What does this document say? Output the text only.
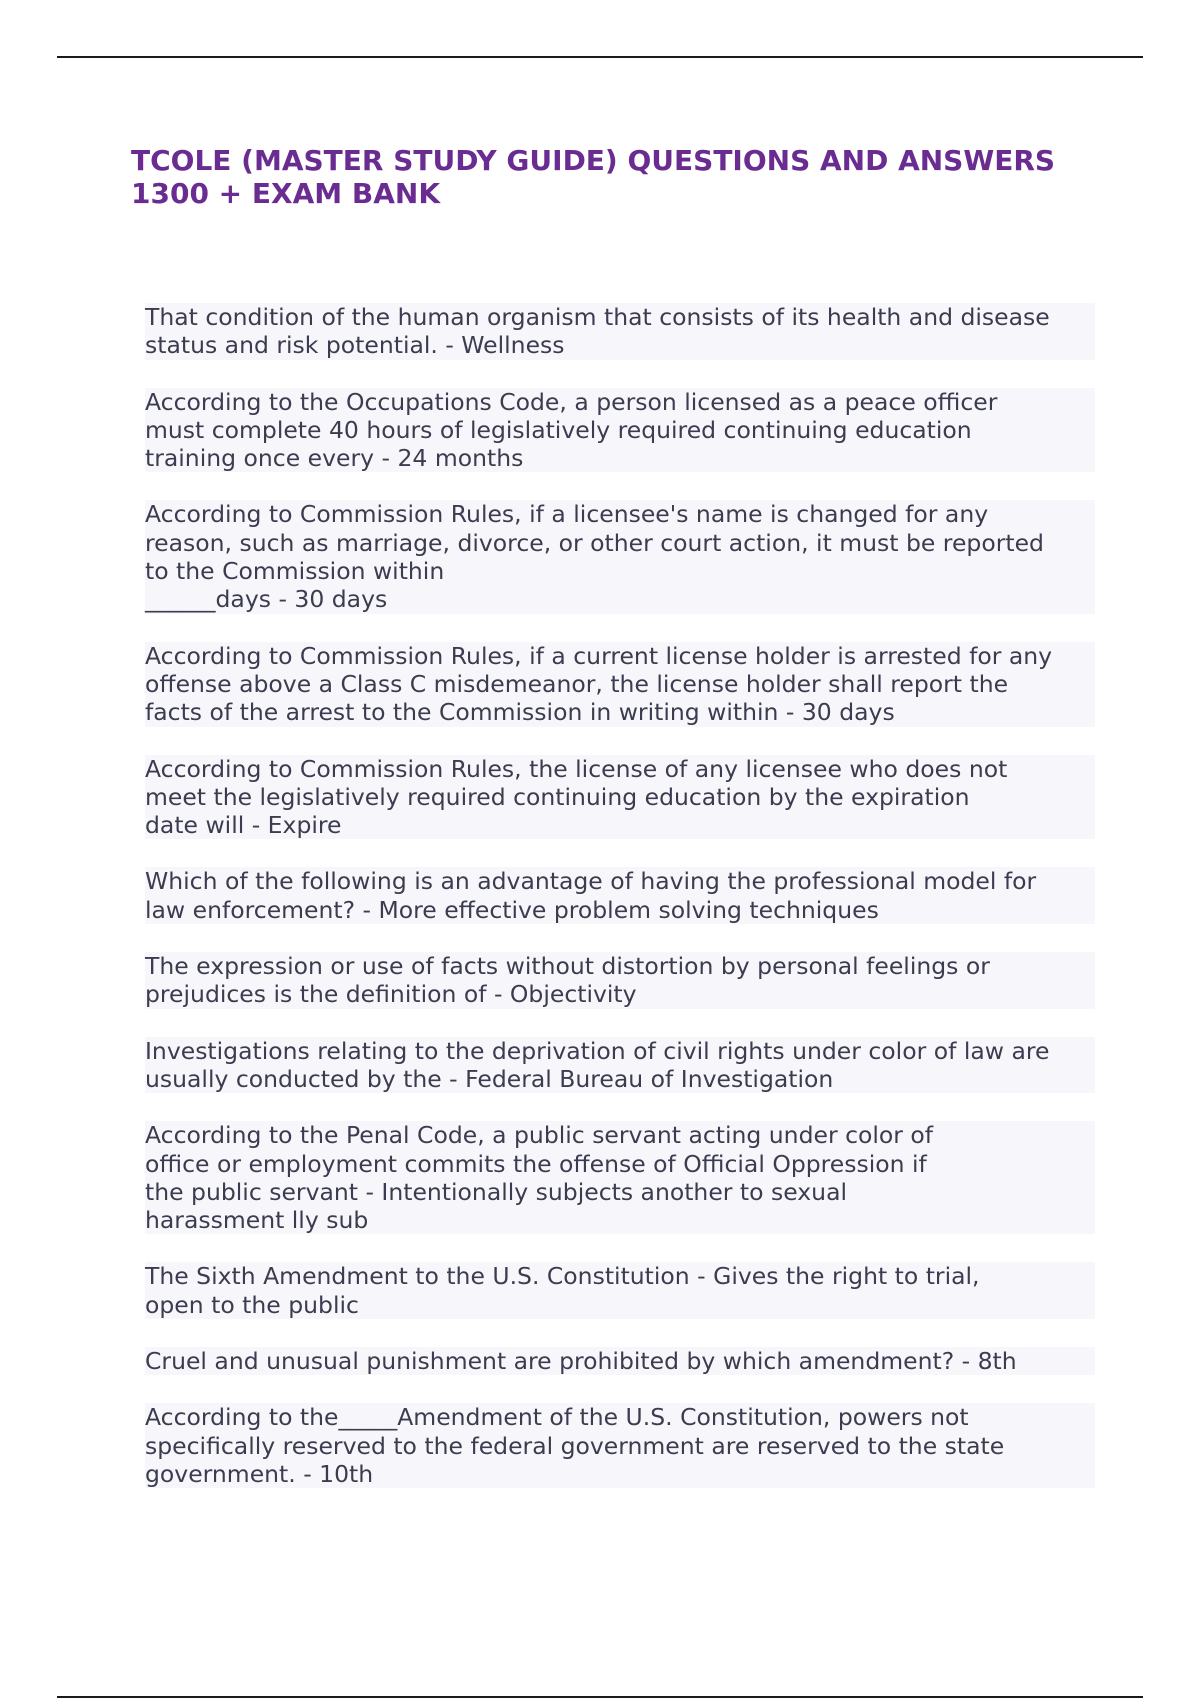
TCOLE (MASTER STUDY GUIDE) QUESTIONS AND ANSWERS 1300 + EXAM BANK
That condition of the human organism that consists of its health and disease
status and risk potential. - Wellness
According to the Occupations Code, a person licensed as a peace officer
must complete 40 hours of legislatively required continuing education
training once every - 24 months
According to Commission Rules, if a licensee's name is changed for any
reason, such as marriage, divorce, or other court action, it must be reported
to the Commission within
______days - 30 days
According to Commission Rules, if a current license holder is arrested for any
offense above a Class C misdemeanor, the license holder shall report the
facts of the arrest to the Commission in writing within - 30 days
According to Commission Rules, the license of any licensee who does not
meet the legislatively required continuing education by the expiration
date will - Expire
Which of the following is an advantage of having the professional model for
law enforcement? - More effective problem solving techniques
The expression or use of facts without distortion by personal feelings or
prejudices is the definition of - Objectivity
Investigations relating to the deprivation of civil rights under color of law are
usually conducted by the - Federal Bureau of Investigation
According to the Penal Code, a public servant acting under color of
office or employment commits the offense of Official Oppression if
the public servant - Intentionally subjects another to sexual
harassment lly sub
The Sixth Amendment to the U.S. Constitution - Gives the right to trial,
open to the public
Cruel and unusual punishment are prohibited by which amendment? - 8th
According to the_____Amendment of the U.S. Constitution, powers not
specifically reserved to the federal government are reserved to the state
government. - 10th
